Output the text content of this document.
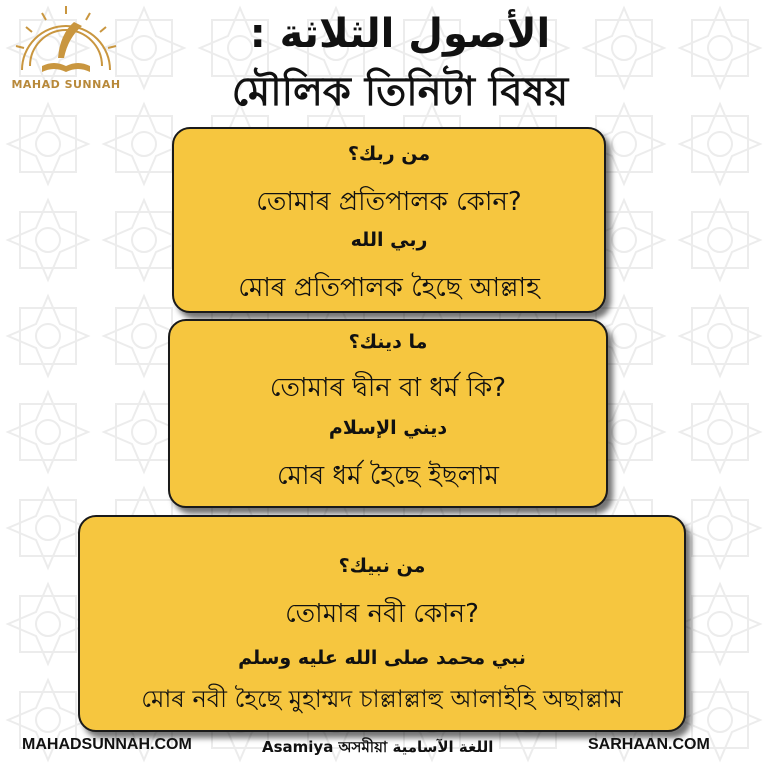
MAHAD SUNNAH
الأصول الثلاثة :
মৌলিক তিনিটা বিষয়
من ربك؟
তোমাৰ প্ৰতিপালক কোন?
ربي الله
মোৰ প্ৰতিপালক হৈছে আল্লাহ
ما دينك؟
তোমাৰ দ্বীন বা ধৰ্ম কি?
ديني الإسلام
মোৰ ধৰ্ম হৈছে ইছলাম
من نبيك؟
তোমাৰ নবী কোন?
نبي محمد صلى الله عليه وسلم
মোৰ নবী হৈছে মুহাম্মদ চাল্লাল্লাহু আলাইহি অছাল্লাম
MAHADSUNNAH.COM	Asamiya অসমীয়া اللغة الآسامية	SARHAAN.COM
